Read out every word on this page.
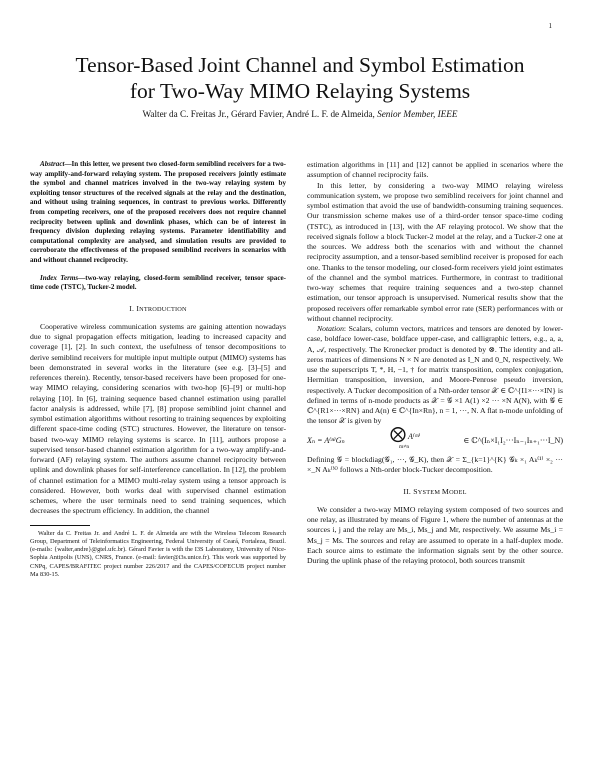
1
Tensor-Based Joint Channel and Symbol Estimation
for Two-Way MIMO Relaying Systems
Walter da C. Freitas Jr., Gérard Favier, André L. F. de Almeida, Senior Member, IEEE
Abstract—In this letter, we present two closed-form semiblind receivers for a two-way amplify-and-forward relaying system. The proposed receivers jointly estimate the symbol and channel matrices involved in the two-way relaying system by exploiting tensor structures of the received signals at the relay and the destination, and without using training sequences, in contrast to previous works. Differently from competing receivers, one of the proposed receivers does not require channel reciprocity between uplink and downlink phases, which can be of interest in frequency division duplexing relaying systems. Parameter identifiability and computational complexity are analysed, and simulation results are provided to corroborate the effectiveness of the proposed semiblind receivers in scenarios with and without channel reciprocity.
Index Terms—two-way relaying, closed-form semiblind receiver, tensor space-time code (TSTC), Tucker-2 model.
I. INTRODUCTION

Cooperative wireless communication systems are gaining attention nowadays due to signal propagation effects mitigation, leading to increased capacity and coverage [1], [2]. In such context, the usefulness of tensor decompositions to derive semiblind receivers for multiple input multiple output (MIMO) systems has been demonstrated in several works in the literature (see e.g. [3]–[5] and references therein). Recently, tensor-based receivers have been proposed for one-way MIMO relaying, considering scenarios with two-hop [6]–[9] or multi-hop relaying [10]. In [6], training sequence based channel estimation using parallel factor analysis is addressed, while [7], [8] propose semiblind joint channel and symbol estimation algorithms without resorting to training sequences by exploiting different space-time coding (STC) structures. However, the literature on tensor-based two-way MIMO relaying systems is scarce. In [11], authors propose a supervised tensor-based channel estimation algorithm for a two-way amplify-and-forward (AF) relaying system. The authors assume channel reciprocity between uplink and downlink phases for self-interference cancellation. In [12], the problem of channel estimation for a MIMO multi-relay system using a tensor approach is considered. However, both works deal with supervised channel estimation schemes, where the user terminals need to send training sequences, which decreases the spectrum efficiency. In addition, the channel

Walter da C. Freitas Jr. and André L. F. de Almeida are with the Wireless Telecom Research Group, Department of Teleinformatics Engineering, Federal University of Ceará, Fortaleza, Brazil. (e-mails: {walter,andre}@gtel.ufc.br). Gérard Favier is with the I3S Laboratory, University of Nice-Sophia Antipolis (UNS), CNRS, France. (e-mail: favier@i3s.unice.fr). This work was supported by CNPq, CAPES/BRAFITEC project number 226/2017 and the CAPES/COFECUB project number Ma 830-15.

estimation algorithms in [11] and [12] cannot be applied in scenarios where the assumption of channel reciprocity fails.

In this letter, by considering a two-way MIMO relaying wireless communication system, we propose two semiblind receivers for joint channel and symbol estimation that avoid the use of bandwidth-consuming training sequences. Our transmission scheme makes use of a third-order tensor space-time coding (TSTC), as introduced in [13], with the AF relaying protocol. We show that the received signals follow a block Tucker-2 model at the relay, and a Tucker-2 one at the sources. We address both the scenarios with and without the channel reciprocity assumption, and a tensor-based semiblind receiver is proposed for each one. Thanks to the tensor modeling, our closed-form receivers yield joint estimates of the channel and the symbol matrices. Furthermore, in contrast to traditional two-way schemes that require training sequences and a two-step channel estimation, our tensor approach is unsupervised. Numerical results show that the proposed receivers offer remarkable symbol error rate (SER) performances with or without channel reciprocity.

Notation: Scalars, column vectors, matrices and tensors are denoted by lower-case, boldface lower-case, boldface upper-case, and calligraphic letters, e.g., a, a, A, 𝒜, respectively. The Kronecker product is denoted by ⊗. The identity and all-zeros matrices of dimensions N × N are denoted as I_N and 0_N, respectively. We use the superscripts T, *, H, −1, † for matrix transposition, complex conjugation, Hermitian transposition, inversion, and Moore-Penrose pseudo inversion, respectively. A Tucker decomposition of a Nth-order tensor 𝒳 ∈ ℂ^{I1×···×IN} is defined in terms of n-mode products as 𝒳 = 𝒢 ×1 A(1) ×2 ··· ×N A(N), with 𝒢 ∈ ℂ^{R1×···×RN} and A(n) ∈ ℂ^{In×Rn}, n = 1, ···, N. A flat n-mode unfolding of the tensor 𝒳 is given by

Xₙ = A⁽ⁿ⁾Gₙ	⨂ A⁽ᵐ⁾
m≠n
∈ ℂ^(Iₙ×I₁I₂···Iₙ₋₁Iₙ₊₁···I_N)

Defining 𝒢 = blockdiag(𝒢₁, ···, 𝒢_K), then 𝒳 = Σ_{k=1}^{K} 𝒢ₖ ×₁ Aₖ⁽¹⁾ ×₂ ··· ×_N Aₖ⁽ᴺ⁾ follows a Nth-order block-Tucker decomposition.

II. SYSTEM MODEL

We consider a two-way MIMO relaying system composed of two sources and one relay, as illustrated by means of Figure 1, where the number of antennas at the sources i, j and the relay are Ms_i, Ms_j and Mr, respectively. We assume Ms_i = Ms_j = Ms. The sources and relay are assumed to operate in a half-duplex mode. Each source aims to estimate the information signals sent by the other source. During the uplink phase of the relaying protocol, both sources transmit
